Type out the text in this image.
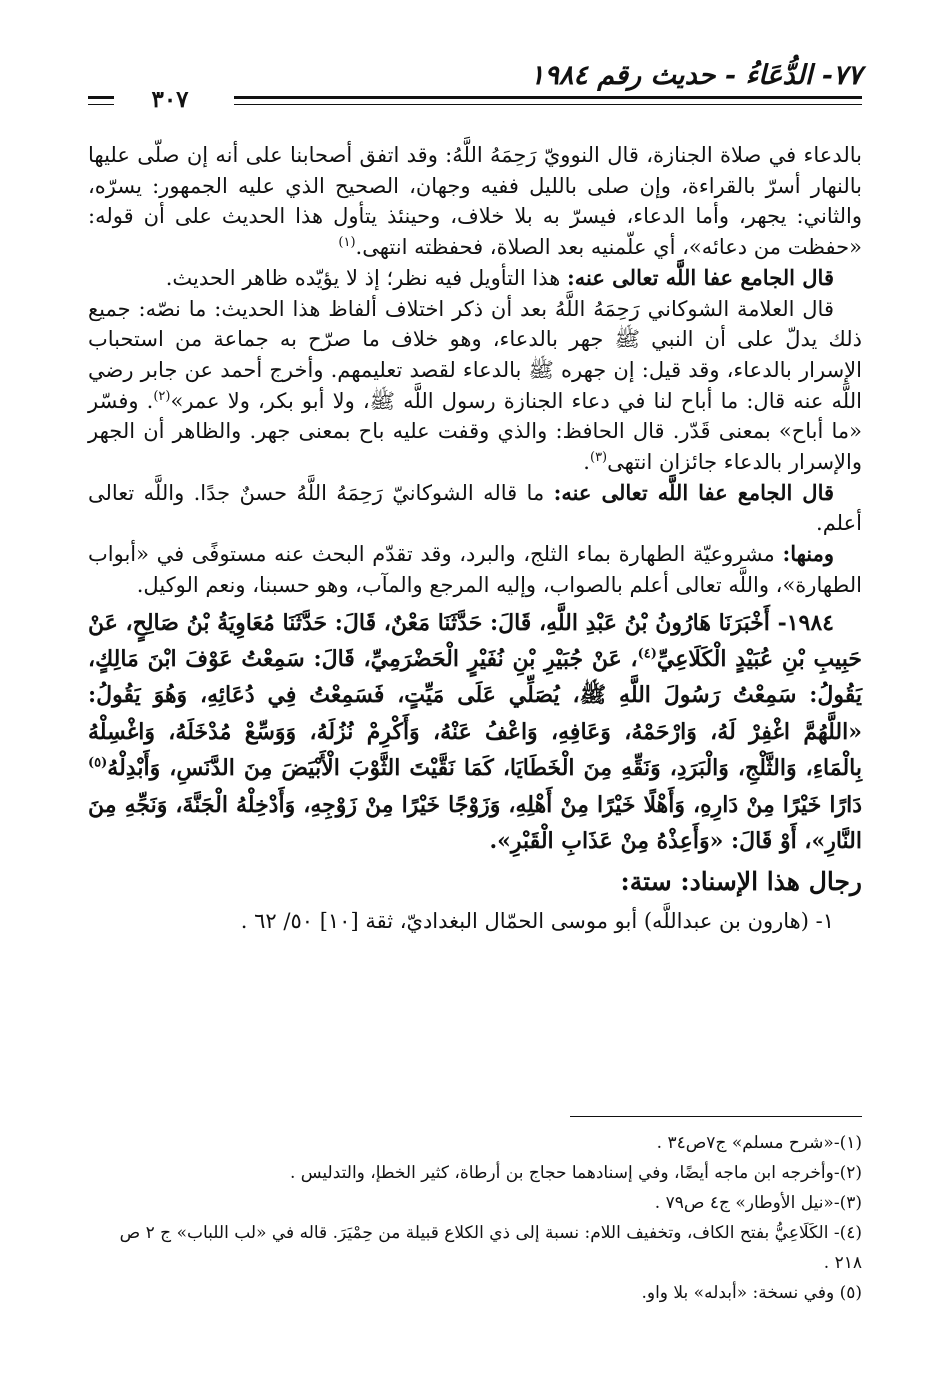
٧٧- الدُّعَاءُ - حديث رقم ١٩٨٤
٣٠٧

بالدعاء في صلاة الجنازة، قال النوويّ رَحِمَهُ اللَّهُ: وقد اتفق أصحابنا على أنه إن صلّى عليها بالنهار أسرّ بالقراءة، وإن صلى بالليل ففيه وجهان، الصحيح الذي عليه الجمهور: يسرّه، والثاني: يجهر، وأما الدعاء، فيسرّ به بلا خلاف، وحينئذ يتأول هذا الحديث على أن قوله: «حفظت من دعائه»، أي علّمنيه بعد الصلاة، فحفظته انتهى.$^{(١)}$

قال الجامع عفا اللَّه تعالى عنه: هذا التأويل فيه نظر؛ إذ لا يؤيّده ظاهر الحديث.

قال العلامة الشوكاني رَحِمَهُ اللَّهُ بعد أن ذكر اختلاف ألفاظ هذا الحديث: ما نصّه: جميع ذلك يدلّ على أن النبي ﷺ جهر بالدعاء، وهو خلاف ما صرّح به جماعة من استحباب الإسرار بالدعاء، وقد قيل: إن جهره ﷺ بالدعاء لقصد تعليمهم. وأخرج أحمد عن جابر رضي اللَّه عنه قال: ما أباح لنا في دعاء الجنازة رسول اللَّه ﷺ، ولا أبو بكر، ولا عمر»$^{(٢)}$. وفسّر «ما أباح» بمعنى قَدّر. قال الحافظ: والذي وقفت عليه باح بمعنى جهر. والظاهر أن الجهر والإسرار بالدعاء جائزان انتهى$^{(٣)}$.

قال الجامع عفا اللَّه تعالى عنه: ما قاله الشوكانيّ رَحِمَهُ اللَّهُ حسنٌ جدًا. واللَّه تعالى أعلم.

ومنها: مشروعيّة الطهارة بماء الثلج، والبرد، وقد تقدّم البحث عنه مستوفًى في «أبواب الطهارة»، واللَّه تعالى أعلم بالصواب، وإليه المرجع والمآب، وهو حسبنا، ونعم الوكيل.

١٩٨٤- أَخْبَرَنَا هَارُونُ بْنُ عَبْدِ اللَّهِ، قَالَ: حَدَّثَنَا مَعْنٌ، قَالَ: حَدَّثَنَا مُعَاوِيَةُ بْنُ صَالِحٍ، عَنْ حَبِيبِ بْنِ عُبَيْدٍ الْكَلَاعِيِّ$^{(٤)}$، عَنْ جُبَيْرِ بْنِ نُفَيْرٍ الْحَضْرَمِيِّ، قَالَ: سَمِعْتُ عَوْفَ ابْنَ مَالِكٍ، يَقُولُ: سَمِعْتُ رَسُولَ اللَّهِ ﷺ، يُصَلِّي عَلَى مَيِّتٍ، فَسَمِعْتُ فِي دُعَائِهِ، وَهُوَ يَقُولُ: «اللَّهُمَّ اغْفِرْ لَهُ، وَارْحَمْهُ، وَعَافِهِ، وَاعْفُ عَنْهُ، وَأَكْرِمْ نُزُلَهُ، وَوَسِّعْ مُدْخَلَهُ، وَاغْسِلْهُ بِالْمَاءِ، وَالثَّلْجِ، وَالْبَرَدِ، وَنَقِّهِ مِنَ الْخَطَايَا، كَمَا نَقَّيْتَ الثَّوْبَ الْأَبْيَضَ مِنَ الدَّنَسِ، وَأَبْدِلْهُ$^{(٥)}$ دَارًا خَيْرًا مِنْ دَارِهِ، وَأَهْلًا خَيْرًا مِنْ أَهْلِهِ، وَزَوْجًا خَيْرًا مِنْ زَوْجِهِ، وَأَدْخِلْهُ الْجَنَّةَ، وَنَجِّهِ مِنَ النَّارِ»، أَوْ قَالَ: «وَأَعِذْهُ مِنْ عَذَابِ الْقَبْرِ».

رجال هذا الإسناد: ستة:

١- (هارون بن عبداللَّه) أبو موسى الحمّال البغداديّ، ثقة [١٠] ٥٠/ ٦٢ .

(١)-«شرح مسلم» ج٧ص٣٤ .

(٢)-وأخرجه ابن ماجه أيضًا، وفي إسنادهما حجاج بن أرطاة، كثير الخطإ، والتدليس .

(٣)-«نيل الأوطار» ج٤ ص٧٩ .

(٤)- الكَلَاعِيُّ بفتح الكاف، وتخفيف اللام: نسبة إلى ذي الكلاع قبيلة من حِمْيَرَ. قاله في «لب اللباب» ج ٢ ص ٢١٨ .

(٥) وفي نسخة: «أبدله» بلا واو.
